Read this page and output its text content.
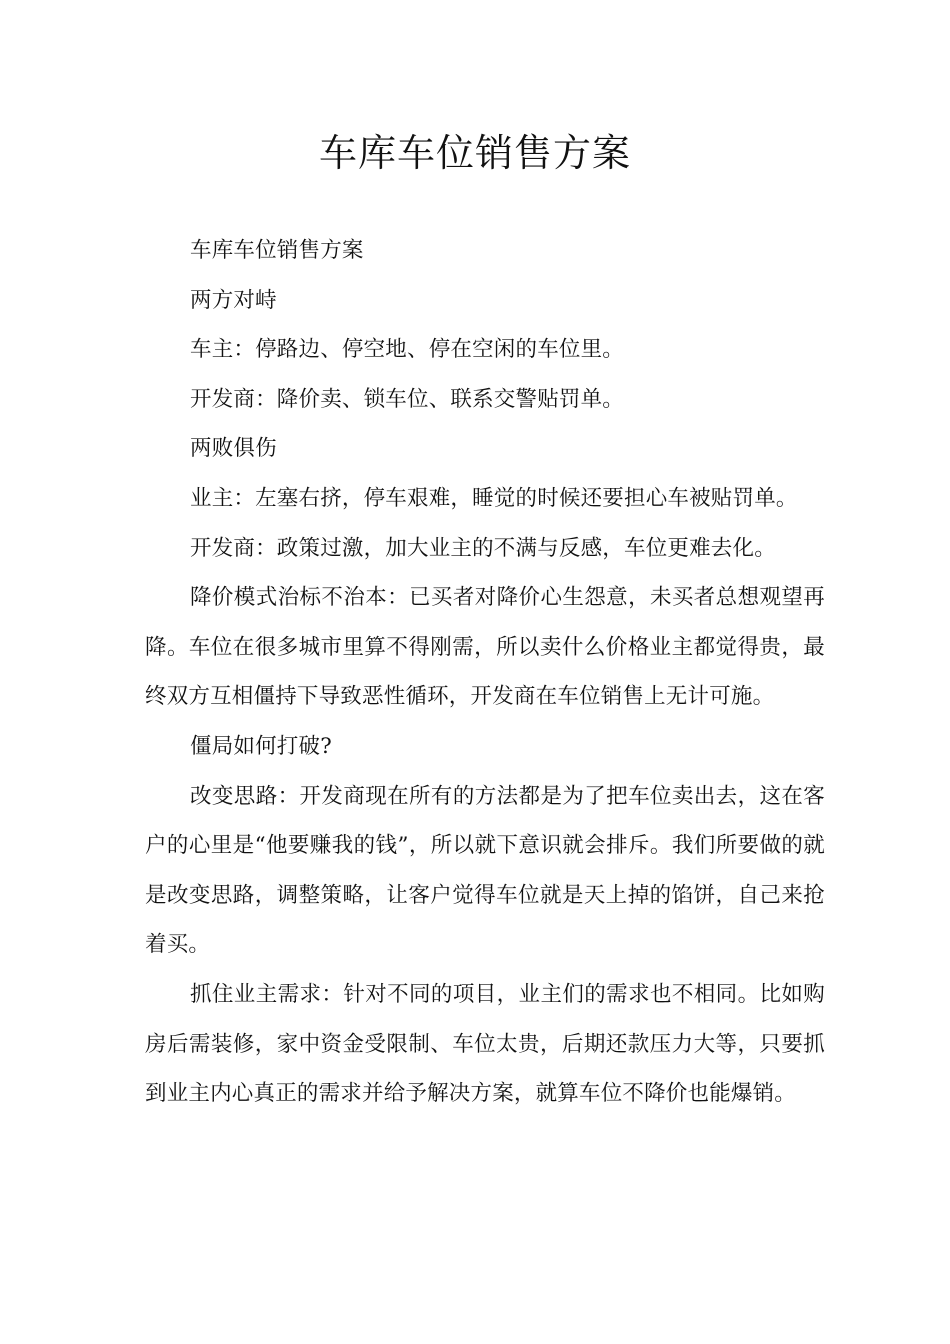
车库车位销售方案

车库车位销售方案

两方对峙

车主：停路边、停空地、停在空闲的车位里。

开发商：降价卖、锁车位、联系交警贴罚单。

两败俱伤

业主：左塞右挤，停车艰难，睡觉的时候还要担心车被贴罚单。

开发商：政策过激，加大业主的不满与反感，车位更难去化。

降价模式治标不治本：已买者对降价心生怨意，未买者总想观望再降。车位在很多城市里算不得刚需，所以卖什么价格业主都觉得贵，最终双方互相僵持下导致恶性循环，开发商在车位销售上无计可施。

僵局如何打破?

改变思路：开发商现在所有的方法都是为了把车位卖出去，这在客户的心里是“他要赚我的钱”，所以就下意识就会排斥。我们所要做的就是改变思路，调整策略，让客户觉得车位就是天上掉的馅饼，自己来抢着买。

抓住业主需求：针对不同的项目，业主们的需求也不相同。比如购房后需装修，家中资金受限制、车位太贵，后期还款压力大等，只要抓到业主内心真正的需求并给予解决方案，就算车位不降价也能爆销。
